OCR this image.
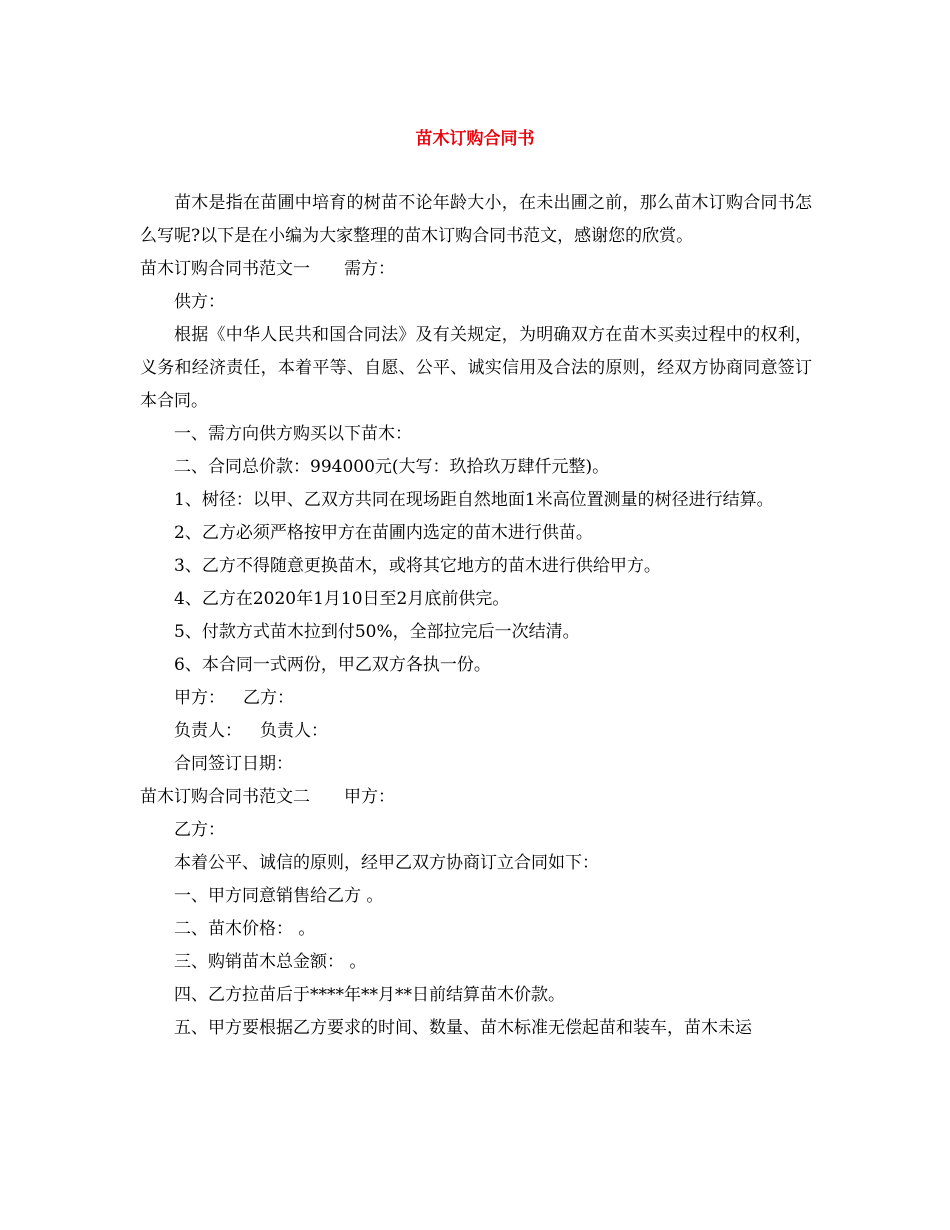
苗木订购合同书

苗木是指在苗圃中培育的树苗不论年龄大小，在未出圃之前，那么苗木订购合同书怎么写呢?以下是在小编为大家整理的苗木订购合同书范文，感谢您的欣赏。

苗木订购合同书范文一 需方：

供方：

根据《中华人民共和国合同法》及有关规定，为明确双方在苗木买卖过程中的权利，义务和经济责任，本着平等、自愿、公平、诚实信用及合法的原则，经双方协商同意签订本合同。

一、需方向供方购买以下苗木：

二、合同总价款：994000元(大写：玖拾玖万肆仟元整)。

1、树径：以甲、乙双方共同在现场距自然地面1米高位置测量的树径进行结算。

2、乙方必须严格按甲方在苗圃内选定的苗木进行供苗。

3、乙方不得随意更换苗木，或将其它地方的苗木进行供给甲方。

4、乙方在2020年1月10日至2月底前供完。

5、付款方式苗木拉到付50%，全部拉完后一次结清。

6、本合同一式两份，甲乙双方各执一份。

甲方： 乙方：

负责人： 负责人：

合同签订日期：

苗木订购合同书范文二 甲方：

乙方：

本着公平、诚信的原则，经甲乙双方协商订立合同如下：

一、甲方同意销售给乙方 。

二、苗木价格： 。

三、购销苗木总金额： 。

四、乙方拉苗后于****年**月**日前结算苗木价款。

五、甲方要根据乙方要求的时间、数量、苗木标准无偿起苗和装车，苗木未运
